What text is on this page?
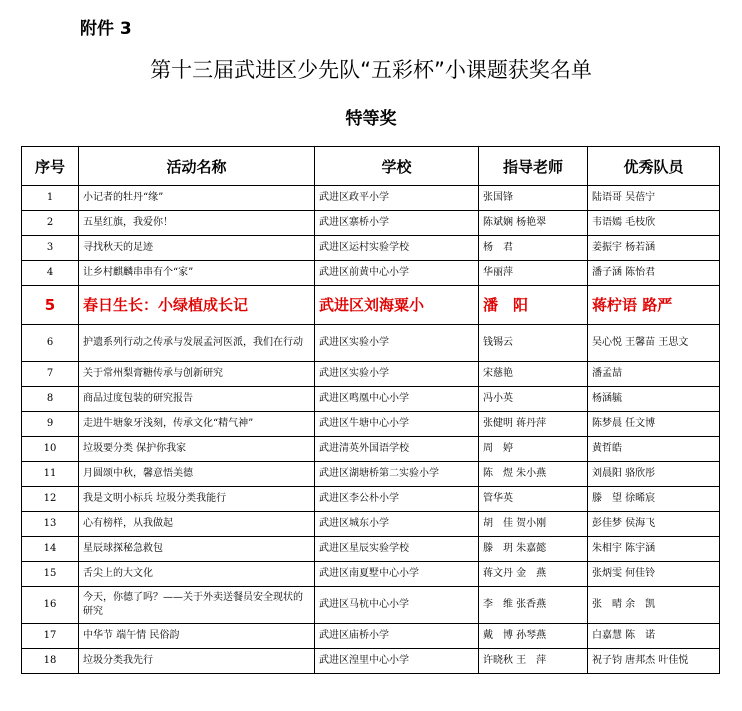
附件 3
第十三届武进区少先队“五彩杯”小课题获奖名单
特等奖
序号	活动名称	学校	指导老师	优秀队员
1	小记者的牡丹“缘”	武进区政平小学	张国锋	陆语哥 吴蓓宁
2	五星红旗，我爱你！	武进区寨桥小学	陈斌娴 杨艳翠	韦语嫣 毛枝欣
3	寻找秋天的足迹	武进区运村实验学校	杨　君	姜振宇 杨若涵
4	让乡村麒麟串串有个“家”	武进区前黄中心小学	华丽萍	潘子涵 陈怡君
5	春日生长：小绿植成长记	武进区刘海粟小	潘　阳	蒋柠语 路严
6	护遗系列行动之传承与发展孟河医派，我们在行动	武进区实验小学	钱锡云	吴心悦 王馨苗 王思文
7	关于常州梨膏糖传承与创新研究	武进区实验小学	宋慈艳	潘孟喆
8	商品过度包装的研究报告	武进区鸣凰中心小学	冯小英	杨涵毓
9	走进牛塘象牙浅刻，传承文化“精气神”	武进区牛塘中心小学	张健明 蒋丹萍	陈梦晨 任文博
10	垃圾要分类 保护你我家	武进清英外国语学校	周　婷	黄哲皓
11	月圆颂中秋，馨意悟美德	武进区湖塘桥第二实验小学	陈　煜 朱小燕	刘晨阳 骆欣彤
12	我是文明小标兵 垃圾分类我能行	武进区李公朴小学	管华英	滕　望 徐晞宸
13	心有榜样，从我做起	武进区城东小学	胡　佳 贺小刚	彭佳梦 侯海飞
14	星辰球探秘急救包	武进区星辰实验学校	滕　玥 朱嘉懿	朱相宇 陈宇涵
15	舌尖上的大文化	武进区南夏墅中心小学	蒋文丹 金　燕	张炳雯 何佳铃
16	今天，你德了吗？——关于外卖送餐员安全现状的研究	武进区马杭中心小学	李　维 张香燕	张　晴 余　凯
17	中华节 端午情 民俗韵	武进区庙桥小学	戴　博 孙琴燕	白嘉慧 陈　诺
18	垃圾分类我先行	武进区湟里中心小学	许晓秋 王　萍	祝子钧 唐邦杰 叶佳悦
